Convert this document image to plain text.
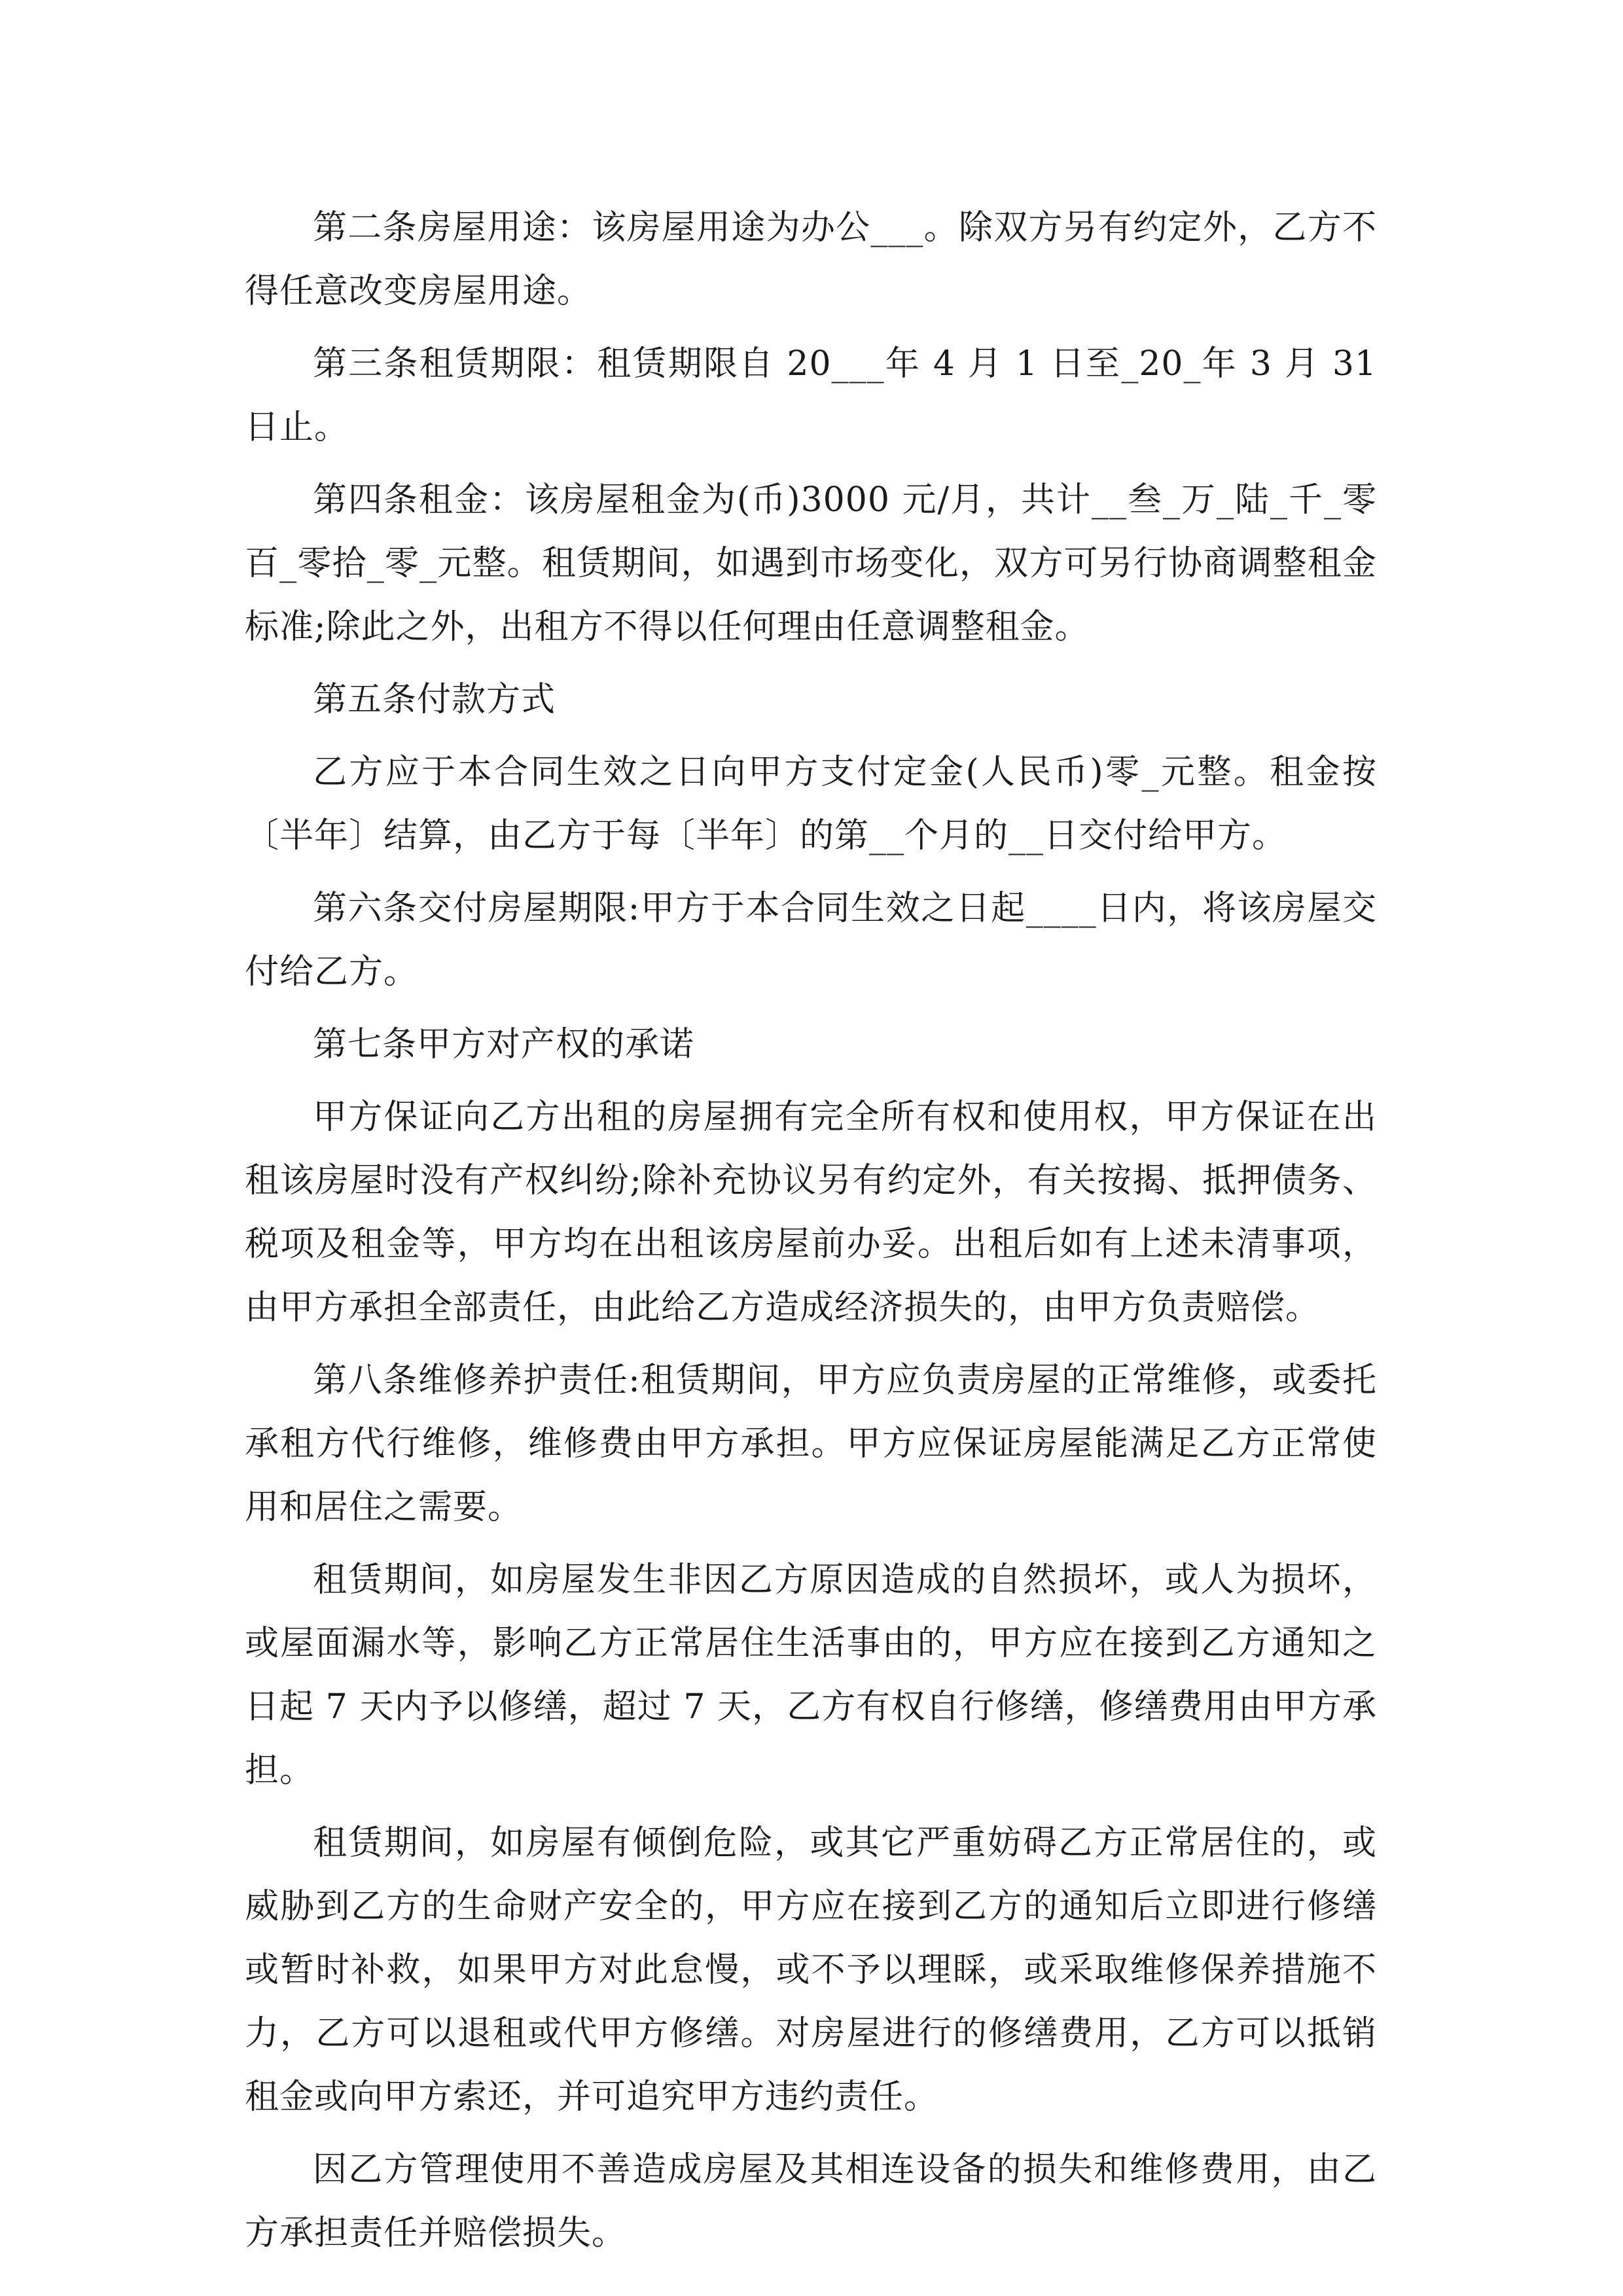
第二条房屋用途：该房屋用途为办公___。除双方另有约定外，乙方不得任意改变房屋用途。

第三条租赁期限：租赁期限自 20___年 4 月 1 日至_20_年 3 月 31 日止。

第四条租金：该房屋租金为(币)3000 元/月，共计__叁_万_陆_千_零百_零拾_零_元整。租赁期间，如遇到市场变化，双方可另行协商调整租金标准;除此之外，出租方不得以任何理由任意调整租金。

第五条付款方式

乙方应于本合同生效之日向甲方支付定金(人民币)零_元整。租金按〔半年〕结算，由乙方于每〔半年〕的第__个月的__日交付给甲方。

第六条交付房屋期限:甲方于本合同生效之日起____日内，将该房屋交付给乙方。

第七条甲方对产权的承诺

甲方保证向乙方出租的房屋拥有完全所有权和使用权，甲方保证在出租该房屋时没有产权纠纷;除补充协议另有约定外，有关按揭、抵押债务、税项及租金等，甲方均在出租该房屋前办妥。出租后如有上述未清事项，由甲方承担全部责任，由此给乙方造成经济损失的，由甲方负责赔偿。

第八条维修养护责任:租赁期间，甲方应负责房屋的正常维修，或委托承租方代行维修，维修费由甲方承担。甲方应保证房屋能满足乙方正常使用和居住之需要。

租赁期间，如房屋发生非因乙方原因造成的自然损坏，或人为损坏，或屋面漏水等，影响乙方正常居住生活事由的，甲方应在接到乙方通知之日起 7 天内予以修缮，超过 7 天，乙方有权自行修缮，修缮费用由甲方承担。

租赁期间，如房屋有倾倒危险，或其它严重妨碍乙方正常居住的，或威胁到乙方的生命财产安全的，甲方应在接到乙方的通知后立即进行修缮或暂时补救，如果甲方对此怠慢，或不予以理睬，或采取维修保养措施不力，乙方可以退租或代甲方修缮。对房屋进行的修缮费用，乙方可以抵销租金或向甲方索还，并可追究甲方违约责任。

因乙方管理使用不善造成房屋及其相连设备的损失和维修费用，由乙方承担责任并赔偿损失。
